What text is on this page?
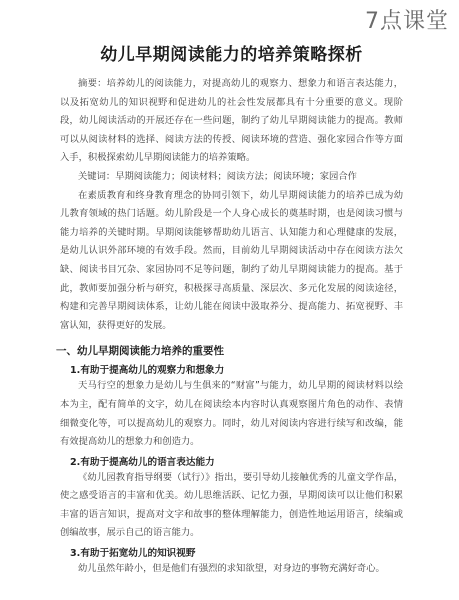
7点课堂
幼儿早期阅读能力的培养策略探析

摘要：培养幼儿的阅读能力，对提高幼儿的观察力、想象力和语言表达能力，以及拓宽幼儿的知识视野和促进幼儿的社会性发展都具有十分重要的意义。现阶段，幼儿阅读活动的开展还存在一些问题，制约了幼儿早期阅读能力的提高。教师可以从阅读材料的选择、阅读方法的传授、阅读环境的营造、强化家园合作等方面入手，积极探索幼儿早期阅读能力的培养策略。

关键词：早期阅读能力；阅读材料；阅读方法；阅读环境；家园合作

在素质教育和终身教育理念的协同引领下，幼儿早期阅读能力的培养已成为幼儿教育领域的热门话题。幼儿阶段是一个人身心成长的奠基时期，也是阅读习惯与能力培养的关键时期。早期阅读能够帮助幼儿语言、认知能力和心理健康的发展，是幼儿认识外部环境的有效手段。然而，目前幼儿早期阅读活动中存在阅读方法欠缺、阅读书目冗杂、家园协同不足等问题，制约了幼儿早期阅读能力的提高。基于此，教师要加强分析与研究，积极探寻高质量、深层次、多元化发展的阅读途径，构建和完善早期阅读体系，让幼儿能在阅读中汲取养分、提高能力、拓宽视野、丰富认知，获得更好的发展。

一、幼儿早期阅读能力培养的重要性
1.有助于提高幼儿的观察力和想象力

天马行空的想象力是幼儿与生俱来的“财富”与能力，幼儿早期的阅读材料以绘本为主，配有简单的文字，幼儿在阅读绘本内容时认真观察图片角色的动作、表情细微变化等，可以提高幼儿的观察力。同时，幼儿对阅读内容进行续写和改编，能有效提高幼儿的想象力和创造力。

2.有助于提高幼儿的语言表达能力

《幼儿园教育指导纲要（试行）》指出，要引导幼儿接触优秀的儿童文学作品，使之感受语言的丰富和优美。幼儿思维活跃、记忆力强，早期阅读可以让他们积累丰富的语言知识，提高对文字和故事的整体理解能力，创造性地运用语言，续编或创编故事，展示自己的语言能力。

3.有助于拓宽幼儿的知识视野

幼儿虽然年龄小，但是他们有强烈的求知欲望，对身边的事物充满好奇心。
